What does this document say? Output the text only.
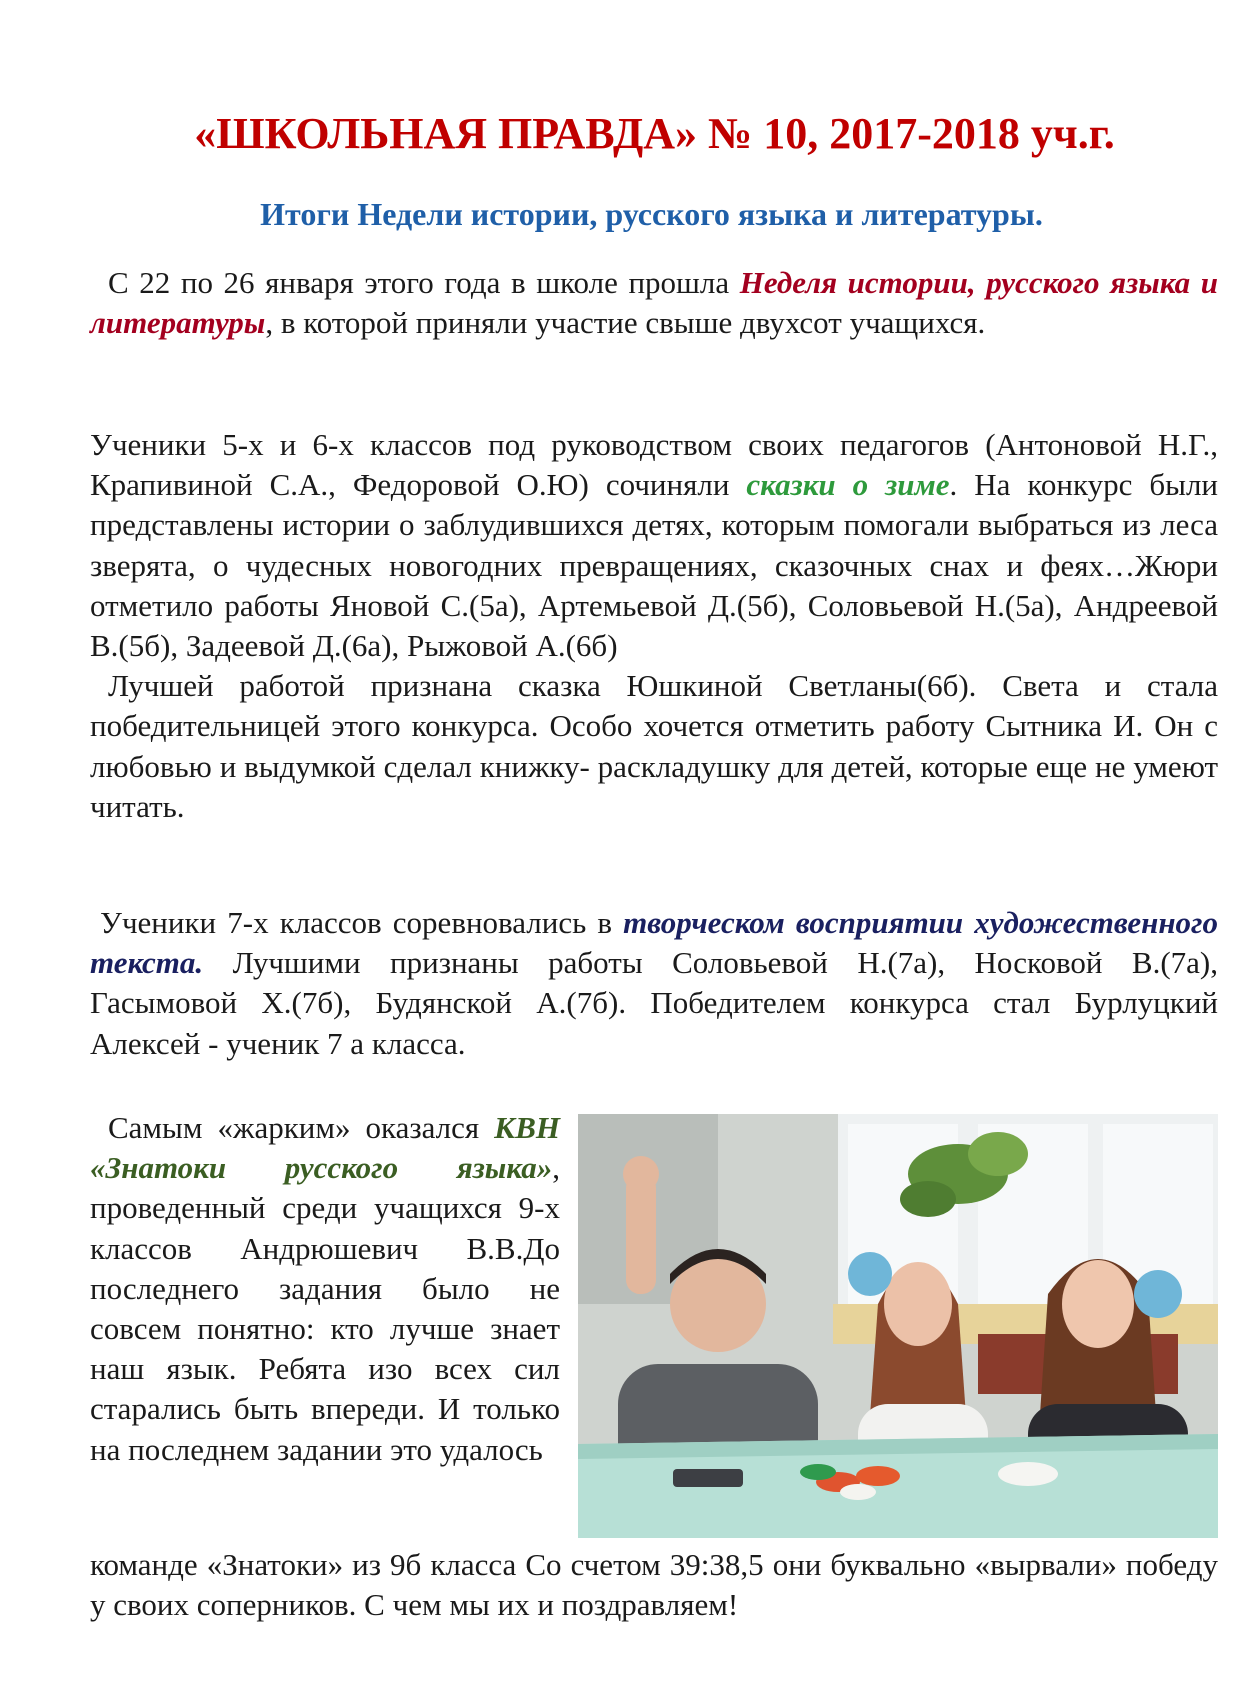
«ШКОЛЬНАЯ ПРАВДА» № 10, 2017-2018 уч.г.
Итоги Недели истории, русского языка и литературы.
С 22 по 26 января этого года в школе прошла Неделя истории, русского языка и литературы, в которой приняли участие свыше двухсот учащихся.
Ученики 5-х и 6-х классов под руководством своих педагогов (Антоновой Н.Г., Крапивиной С.А., Федоровой О.Ю) сочиняли сказки о зиме. На конкурс были представлены истории о заблудившихся детях, которым помогали выбраться из леса зверята, о чудесных новогодних превращениях, сказочных снах и феях…Жюри отметило работы Яновой С.(5а), Артемьевой Д.(5б), Соловьевой Н.(5а), Андреевой В.(5б), Задеевой Д.(6а), Рыжовой А.(6б)
Лучшей работой признана сказка Юшкиной Светланы(6б). Света и стала победительницей этого конкурса. Особо хочется отметить работу Сытника И. Он с любовью и выдумкой сделал книжку- раскладушку для детей, которые еще не умеют читать.
Ученики 7-х классов соревновались в творческом восприятии художественного текста. Лучшими признаны работы Соловьевой Н.(7а), Носковой В.(7а), Гасымовой Х.(7б), Будянской А.(7б). Победителем конкурса стал Бурлуцкий Алексей - ученик 7 а класса.
Самым «жарким» оказался КВН «Знатоки русского языка», проведенный среди учащихся 9-х классов Андрюшевич В.В.До последнего задания было не совсем понятно: кто лучше знает наш язык. Ребята изо всех сил старались быть впереди. И только на последнем задании это удалось
команде «Знатоки» из 9б класса Со счетом 39:38,5 они буквально «вырвали» победу у своих соперников. С чем мы их и поздравляем!
